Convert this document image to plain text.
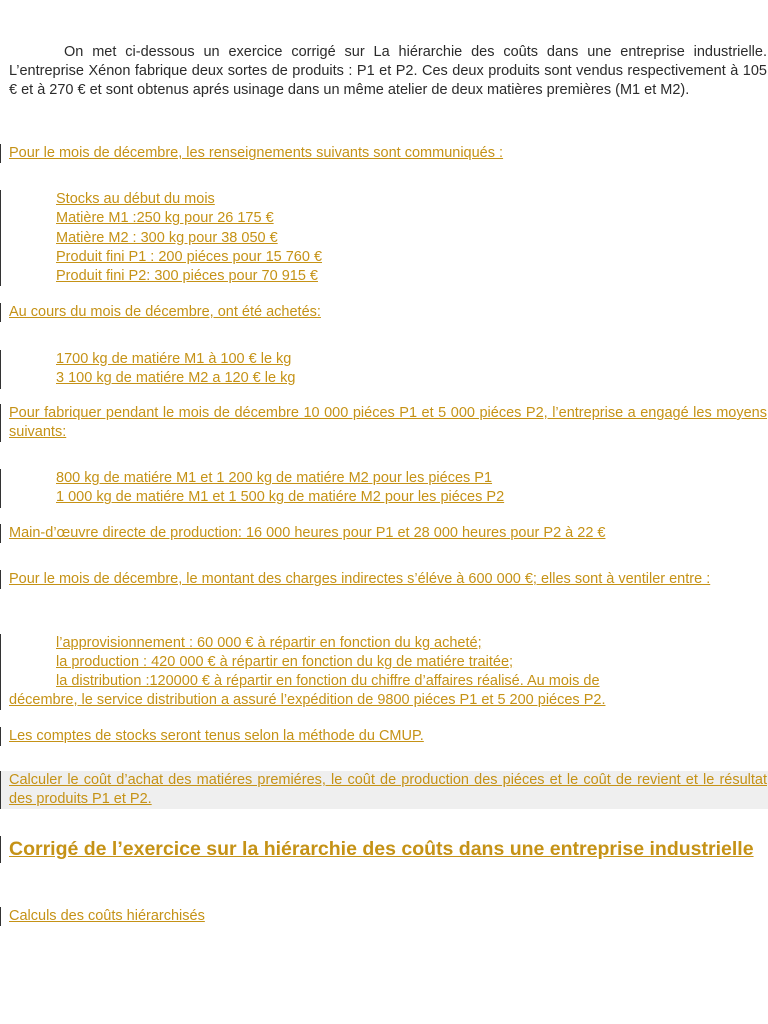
On met ci-dessous un exercice corrigé sur La hiérarchie des coûts dans une entreprise industrielle. L’entreprise Xénon fabrique deux sortes de produits : P1 et P2. Ces deux produits sont vendus respectivement à 105 € et à 270 € et sont obtenus aprés usinage dans un même atelier de deux matières premières (M1 et M2).
Pour le mois de décembre, les renseignements suivants sont communiqués :
Stocks au début du mois
Matière M1 :250 kg pour 26 175 €
Matière M2 : 300 kg pour 38 050 €
Produit fini P1 : 200 piéces pour 15 760 €
Produit fini P2: 300 piéces pour 70 915 €
Au cours du mois de décembre, ont été achetés:
1700 kg de matiére M1 à 100 € le kg
3 100 kg de matiére M2 a 120 € le kg
Pour fabriquer pendant le mois de décembre 10 000 piéces P1 et 5 000 piéces P2, l’entreprise a engagé les moyens suivants:
800 kg de matiére M1 et 1 200 kg de matiére M2 pour les piéces P1
1 000 kg de matiére M1 et 1 500 kg de matiére M2 pour les piéces P2
Main-d’œuvre directe de production: 16 000 heures pour P1 et 28 000 heures pour P2 à 22 €
Pour le mois de décembre, le montant des charges indirectes s’éléve à 600 000 €; elles sont à ventiler entre :
l’approvisionnement : 60 000 € à répartir en fonction du kg acheté;
la production : 420 000 € à répartir en fonction du kg de matiére traitée;
la distribution :120000 € à répartir en fonction du chiffre d’affaires réalisé. Au mois de
décembre, le service distribution a assuré l’expédition de 9800 piéces P1 et 5 200 piéces P2.
Les comptes de stocks seront tenus selon la méthode du CMUP.
Calculer le coût d’achat des matiéres premiéres, le coût de production des piéces et le coût de revient et le résultat des produits P1 et P2.
Corrigé de l’exercice sur la hiérarchie des coûts dans une entreprise industrielle
Calculs des coûts hiérarchisés
